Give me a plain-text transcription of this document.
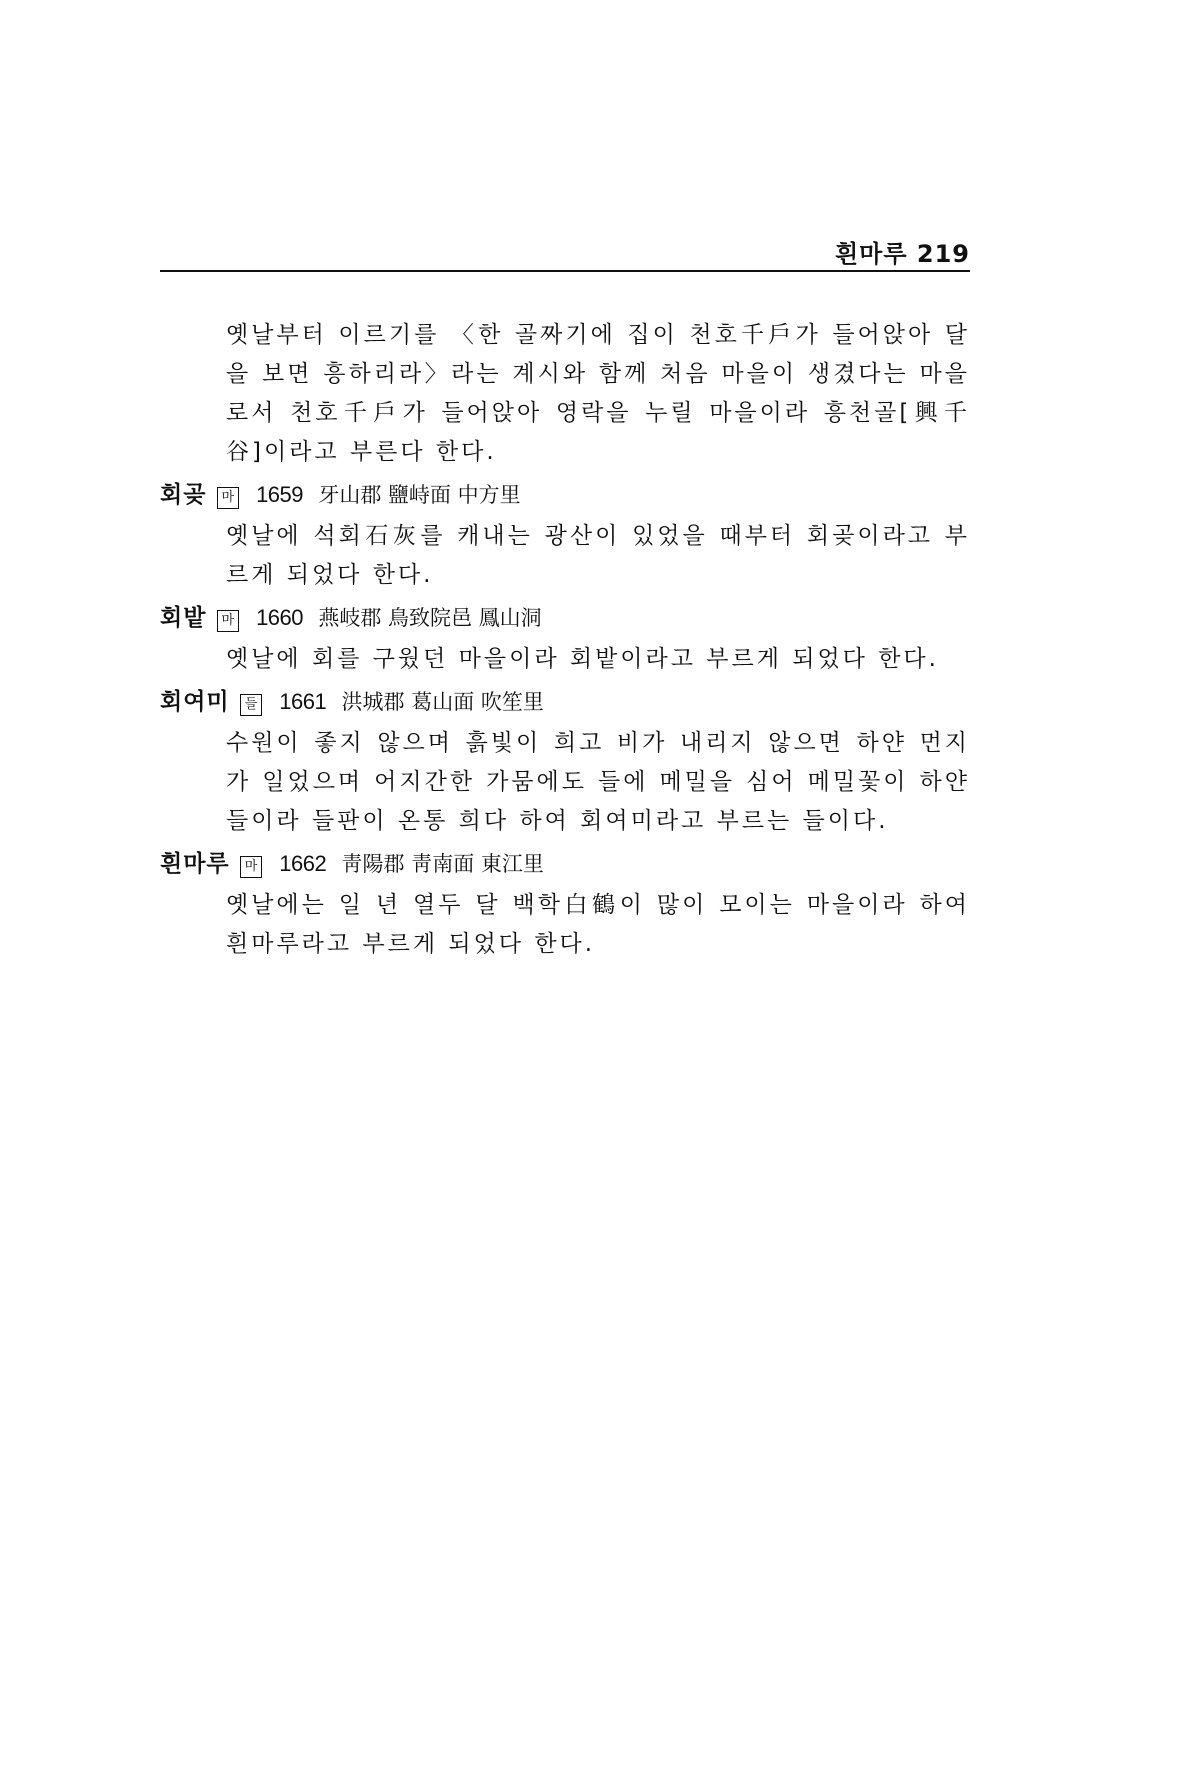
흰마루 219

옛날부터 이르기를 〈한 골짜기에 집이 천호千戶가 들어앉아 달을 보면 흥하리라〉라는 계시와 함께 처음 마을이 생겼다는 마을로서 천호千戶가 들어앉아 영락을 누릴 마을이라 흥천골[興千谷]이라고 부른다 한다.

회곶 마 1659 牙山郡 鹽峙面 中方里

옛날에 석회石灰를 캐내는 광산이 있었을 때부터 회곶이라고 부르게 되었다 한다.

회밭 마 1660 燕岐郡 鳥致院邑 鳳山洞

옛날에 회를 구웠던 마을이라 회밭이라고 부르게 되었다 한다.

회여미 들 1661 洪城郡 葛山面 吹笙里

수원이 좋지 않으며 흙빛이 희고 비가 내리지 않으면 하얀 먼지가 일었으며 어지간한 가뭄에도 들에 메밀을 심어 메밀꽃이 하얀 들이라 들판이 온통 희다 하여 회여미라고 부르는 들이다.

흰마루 마 1662 靑陽郡 靑南面 東江里

옛날에는 일 년 열두 달 백학白鶴이 많이 모이는 마을이라 하여 흰마루라고 부르게 되었다 한다.
